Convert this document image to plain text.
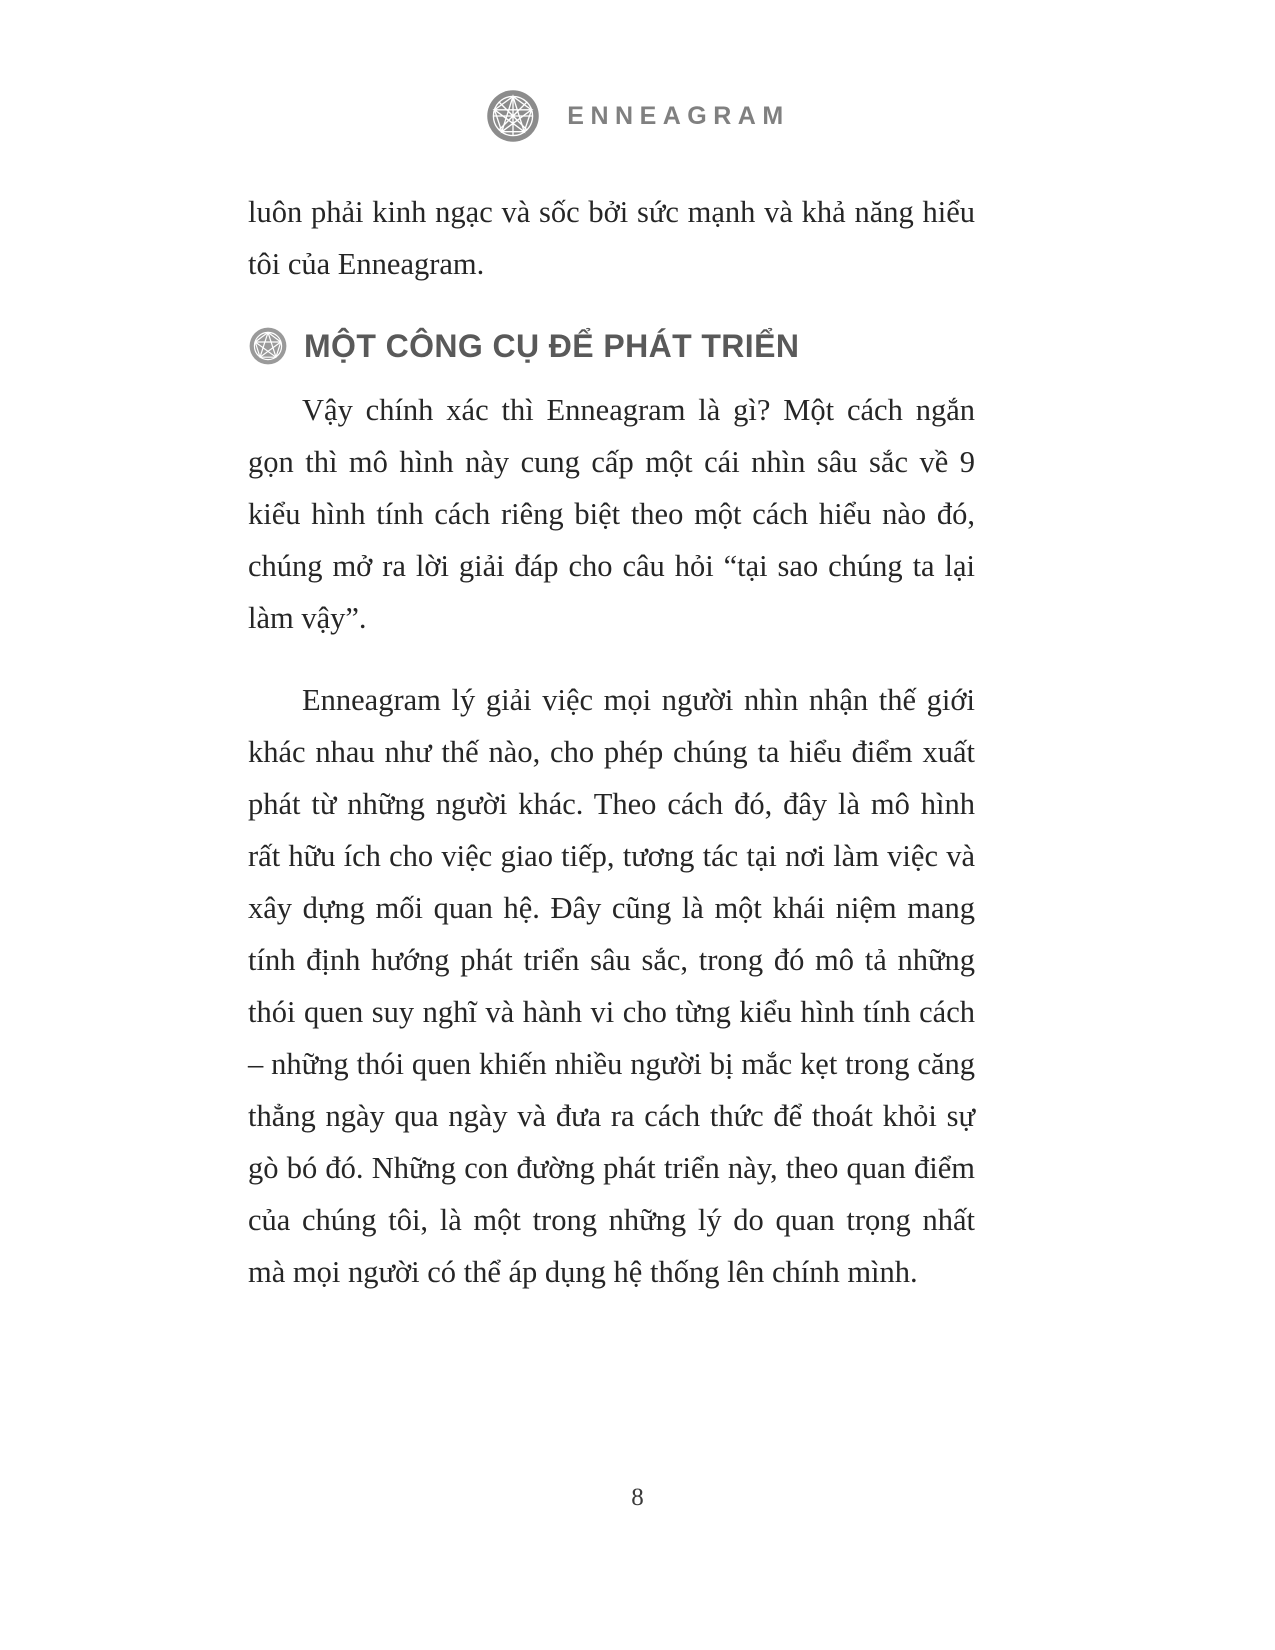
ENNEAGRAM

luôn phải kinh ngạc và sốc bởi sức mạnh và khả năng hiểu tôi của Enneagram.

MỘT CÔNG CỤ ĐỂ PHÁT TRIỂN

Vậy chính xác thì Enneagram là gì? Một cách ngắn gọn thì mô hình này cung cấp một cái nhìn sâu sắc về 9 kiểu hình tính cách riêng biệt theo một cách hiểu nào đó, chúng mở ra lời giải đáp cho câu hỏi “tại sao chúng ta lại làm vậy”.

Enneagram lý giải việc mọi người nhìn nhận thế giới khác nhau như thế nào, cho phép chúng ta hiểu điểm xuất phát từ những người khác. Theo cách đó, đây là mô hình rất hữu ích cho việc giao tiếp, tương tác tại nơi làm việc và xây dựng mối quan hệ. Đây cũng là một khái niệm mang tính định hướng phát triển sâu sắc, trong đó mô tả những thói quen suy nghĩ và hành vi cho từng kiểu hình tính cách – những thói quen khiến nhiều người bị mắc kẹt trong căng thẳng ngày qua ngày và đưa ra cách thức để thoát khỏi sự gò bó đó. Những con đường phát triển này, theo quan điểm của chúng tôi, là một trong những lý do quan trọng nhất mà mọi người có thể áp dụng hệ thống lên chính mình.

8
